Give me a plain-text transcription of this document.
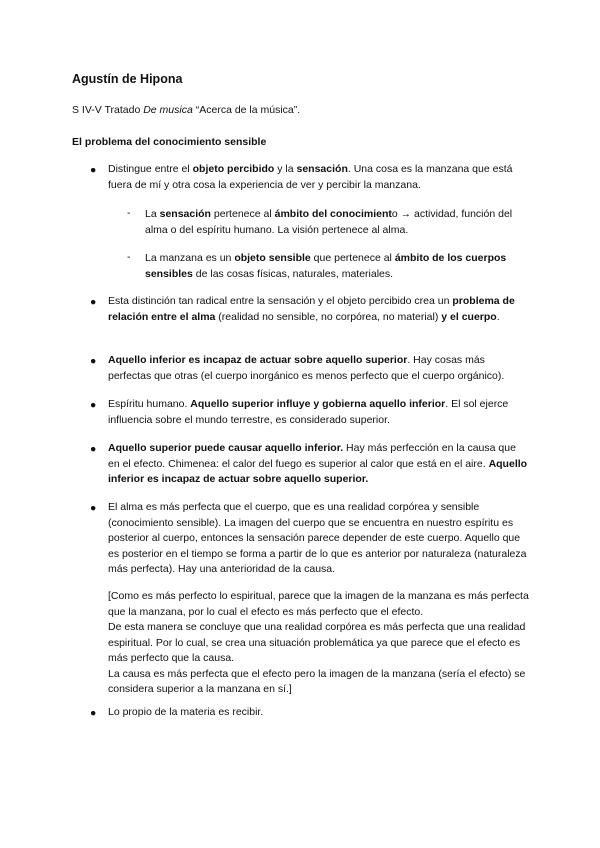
Agustín de Hipona
S IV-V Tratado De musica “Acerca de la música”.
El problema del conocimiento sensible
● Distingue entre el objeto percibido y la sensación. Una cosa es la manzana que está fuera de mí y otra cosa la experiencia de ver y percibir la manzana.
- La sensación pertenece al ámbito del conocimiento → actividad, función del alma o del espíritu humano. La visión pertenece al alma.
- La manzana es un objeto sensible que pertenece al ámbito de los cuerpos sensibles de las cosas físicas, naturales, materiales.
● Esta distinción tan radical entre la sensación y el objeto percibido crea un problema de relación entre el alma (realidad no sensible, no corpórea, no material) y el cuerpo.
● Aquello inferior es incapaz de actuar sobre aquello superior. Hay cosas más perfectas que otras (el cuerpo inorgánico es menos perfecto que el cuerpo orgánico).
● Espíritu humano. Aquello superior influye y gobierna aquello inferior. El sol ejerce influencia sobre el mundo terrestre, es considerado superior.
● Aquello superior puede causar aquello inferior. Hay más perfección en la causa que en el efecto. Chimenea: el calor del fuego es superior al calor que está en el aire. Aquello inferior es incapaz de actuar sobre aquello superior.
● El alma es más perfecta que el cuerpo, que es una realidad corpórea y sensible (conocimiento sensible). La imagen del cuerpo que se encuentra en nuestro espíritu es posterior al cuerpo, entonces la sensación parece depender de este cuerpo. Aquello que es posterior en el tiempo se forma a partir de lo que es anterior por naturaleza (naturaleza más perfecta). Hay una anterioridad de la causa.
[Como es más perfecto lo espiritual, parece que la imagen de la manzana es más perfecta que la manzana, por lo cual el efecto es más perfecto que el efecto.
De esta manera se concluye que una realidad corpórea es más perfecta que una realidad espiritual. Por lo cual, se crea una situación problemática ya que parece que el efecto es más perfecto que la causa.
La causa es más perfecta que el efecto pero la imagen de la manzana (sería el efecto) se considera superior a la manzana en sí.]
● Lo propio de la materia es recibir.
